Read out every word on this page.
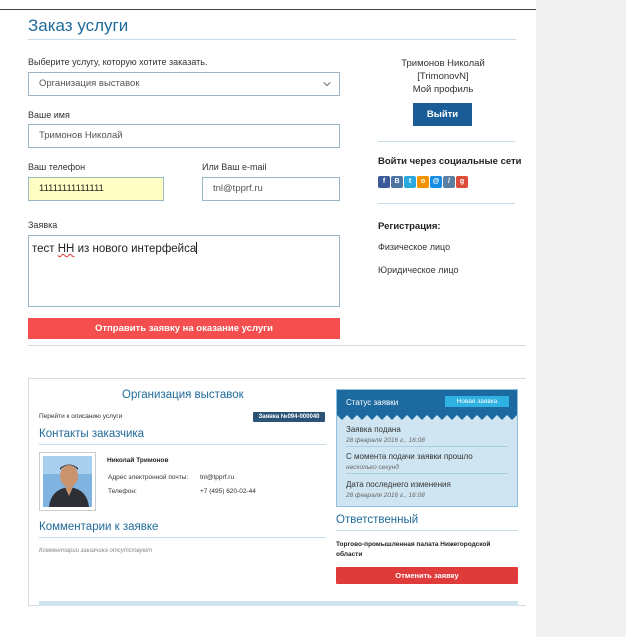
Заказ услуги
Выберите услугу, которую хотите заказать.
Организация выставок
Ваше имя
Тримонов Николай
Ваш телефон
11111111111111
Или Ваш e-mail
tnl@tpprf.ru
Заявка
тест НН из нового интерфейса
Отправить заявку на оказание услуги
Тримонов Николай
[TrimonovN]
Мой профиль
Выйти
Войти через социальные сети
f	B	t	o	@	/	g
Регистрация:
Физическое лицо
Юридическое лицо
Организация выставок
Перейти к описанию услуги	Заявка №094-000040
Контакты заказчика
Николай Тримонов
Адрес электронной почты: tnl@tpprf.ru
Телефон:	+7 (495) 620-02-44
Комментарии к заявке
Комментарии заказчика отсутствуют
Статус заявки	Новая заявка
Заявка подана
28 февраля 2016 г., 16:08
С момента подачи заявки прошло
несколько секунд
Дата последнего изменения
28 февраля 2016 г., 16:08
Ответственный
Торгово-промышленная палата Нижегородской области
Отменить заявку
